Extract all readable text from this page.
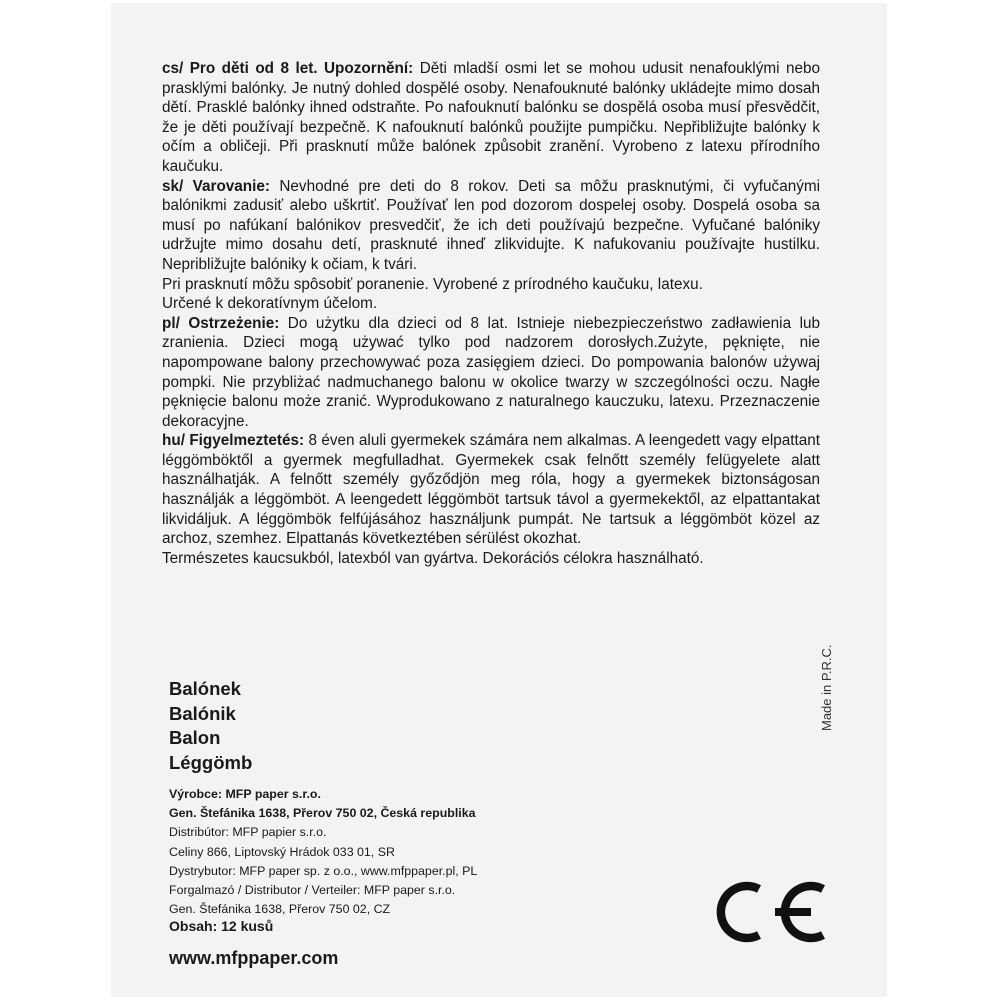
cs/ Pro děti od 8 let. Upozornění: Děti mladší osmi let se mohou udusit nenafouklými nebo prasklými balónky. Je nutný dohled dospělé osoby. Nenafouknuté balónky ukládejte mimo dosah dětí. Prasklé balónky ihned odstraňte. Po nafouknutí balónku se dospělá osoba musí přesvědčit, že je děti používají bezpečně. K nafouknutí balónků použijte pumpičku. Nepřibližujte balónky k očím a obličeji. Při prasknutí může balónek způsobit zranění. Vyrobeno z latexu přírodního kaučuku.

sk/ Varovanie: Nevhodné pre deti do 8 rokov. Deti sa môžu prasknutými, či vyfučanými balónikmi zadusiť alebo uškrtiť. Používať len pod dozorom dospelej osoby. Dospelá osoba sa musí po nafúkaní balónikov presvedčiť, že ich deti používajú bezpečne. Vyfučané balóniky udržujte mimo dosahu detí, prasknuté ihneď zlikvidujte. K nafukovaniu používajte hustilku. Nepribližujte balóniky k očiam, k tvári.

Pri prasknutí môžu spôsobiť poranenie. Vyrobené z prírodného kaučuku, latexu.

Určené k dekoratívnym účelom.

pl/ Ostrzeżenie: Do użytku dla dzieci od 8 lat. Istnieje niebezpieczeństwo zadławienia lub zranienia. Dzieci mogą używać tylko pod nadzorem dorosłych.Zużyte, pęknięte, nie napompowane balony przechowywać poza zasięgiem dzieci. Do pompowania balonów używaj pompki. Nie przybliżać nadmuchanego balonu w okolice twarzy w szczególności oczu. Nagłe pęknięcie balonu może zranić. Wyprodukowano z naturalnego kauczuku, latexu. Przeznaczenie dekoracyjne.

hu/ Figyelmeztetés: 8 éven aluli gyermekek számára nem alkalmas. A leengedett vagy elpattant léggömböktől a gyermek megfulladhat. Gyermekek csak felnőtt személy felügyelete alatt használhatják. A felnőtt személy győződjön meg róla, hogy a gyermekek biztonságosan használják a léggömböt. A leengedett léggömböt tartsuk távol a gyermekektől, az elpattantakat likvidáljuk. A léggömbök felfújásához használjunk pumpát. Ne tartsuk a léggömböt közel az archoz, szemhez. Elpattanás következtében sérülést okozhat.

Természetes kaucsukból, latexból van gyártva. Dekorációs célokra használható.

Made in P.R.C.
Balónek
Balónik
Balon
Léggömb
Výrobce: MFP paper s.r.o.
Gen. Štefánika 1638, Přerov 750 02, Česká republika
Distribútor: MFP papier s.r.o.
Celiny 866, Liptovský Hrádok 033 01, SR
Dystrybutor: MFP paper sp. z o.o., www.mfppaper.pl, PL
Forgalmazó / Distributor / Verteiler: MFP paper s.r.o.
Gen. Štefánika 1638, Přerov 750 02, CZ
Obsah: 12 kusů
www.mfppaper.com
